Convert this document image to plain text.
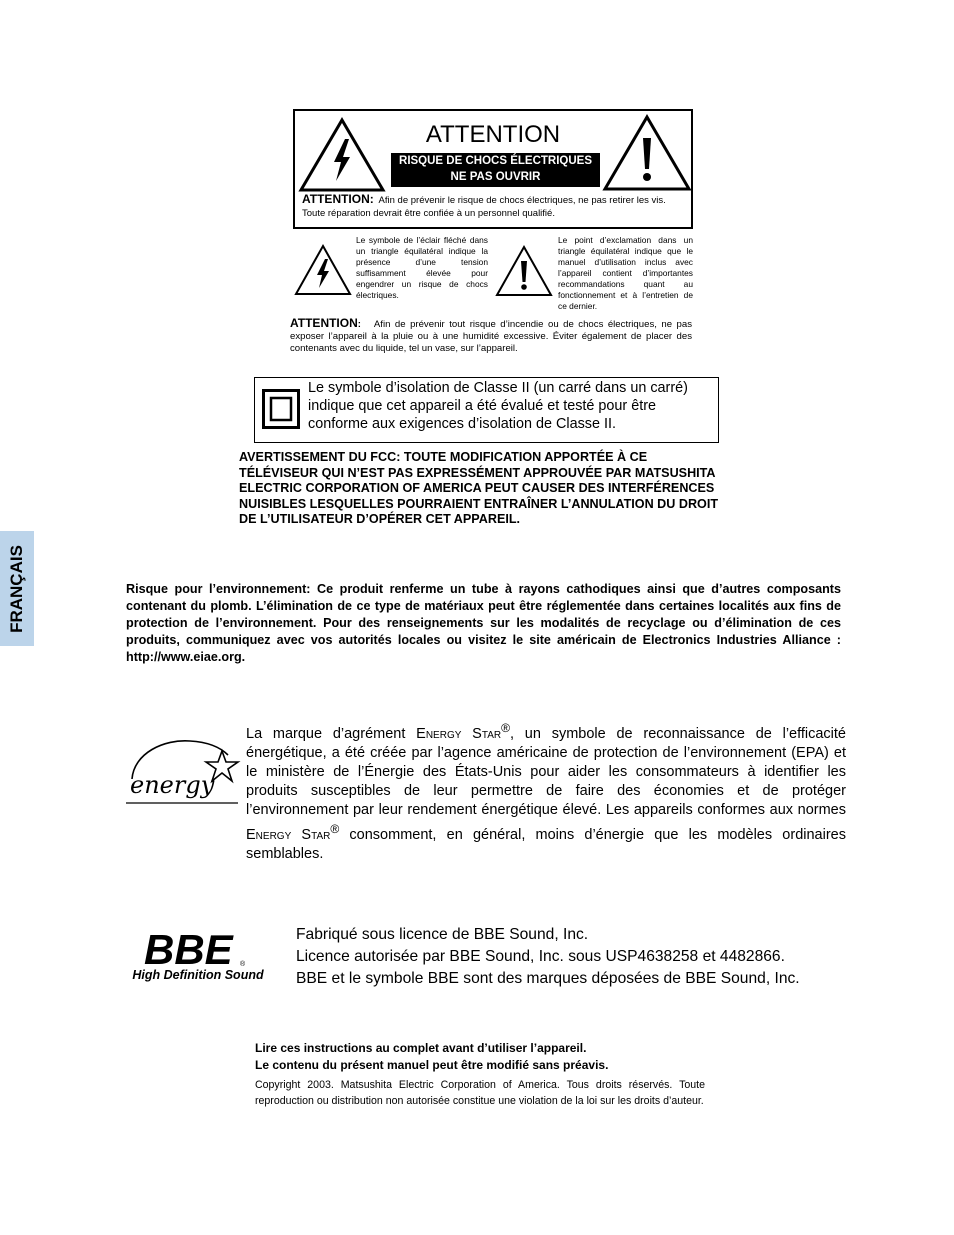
ATTENTION
RISQUE DE CHOCS ÉLECTRIQUES
NE PAS OUVRIR
ATTENTION: Afin de prévenir le risque de chocs électriques, ne pas retirer les vis. Toute réparation devrait être confiée à un personnel qualifié.
Le symbole de l’éclair fléché dans un triangle équilatéral indique la présence d’une tension suffisamment élevée pour engendrer un risque de chocs électriques.
Le point d’exclamation dans un triangle équilatéral indique que le manuel d’utilisation inclus avec l’appareil contient d’importantes recommandations quant au fonctionnement et à l’entretien de ce dernier.
ATTENTION: Afin de prévenir tout risque d’incendie ou de chocs électriques, ne pas exposer l’appareil à la pluie ou à une humidité excessive. Éviter également de placer des contenants avec du liquide, tel un vase, sur l’appareil.
Le symbole d’isolation de Classe II (un carré dans un carré) indique que cet appareil a été évalué et testé pour être conforme aux exigences d’isolation de Classe II.
AVERTISSEMENT DU FCC: TOUTE MODIFICATION APPORTÉE À CE TÉLÉVISEUR QUI N’EST PAS EXPRESSÉMENT APPROUVÉE PAR MATSUSHITA ELECTRIC CORPORATION OF AMERICA PEUT CAUSER DES INTERFÉRENCES NUISIBLES LESQUELLES POURRAIENT ENTRAÎNER L’ANNULATION DU DROIT DE L’UTILISATEUR D’OPÉRER CET APPAREIL.
FRANÇAIS	Risque pour l’environnement: Ce produit renferme un tube à rayons cathodiques ainsi que d’autres composants contenant du plomb. L’élimination de ce type de matériaux peut être réglementée dans certaines localités aux fins de protection de l’environnement. Pour des renseignements sur les modalités de recyclage ou d’élimination de ces produits, communiquez avec vos autorités locales ou visitez le site américain de Electronics Industries Alliance : http://www.eiae.org.
energy
La marque d’agrément Energy Star®, un symbole de reconnaissance de l’efficacité énergétique, a été créée par l’agence américaine de protection de l’environnement (EPA) et le ministère de l’Énergie des États-Unis pour aider les consommateurs à identifier les produits susceptibles de leur permettre de faire des économies et de protéger l’environnement par leur rendement énergétique élevé. Les appareils conformes aux normes Energy Star® consomment, en général, moins d’énergie que les modèles ordinaires semblables.
BBE ®
High Definition Sound
Fabriqué sous licence de BBE Sound, Inc.
Licence autorisée par BBE Sound, Inc. sous USP4638258 et 4482866.
BBE et le symbole BBE sont des marques déposées de BBE Sound, Inc.
Lire ces instructions au complet avant d’utiliser l’appareil.
Le contenu du présent manuel peut être modifié sans préavis.
Copyright 2003. Matsushita Electric Corporation of America. Tous droits réservés. Toute reproduction ou distribution non autorisée constitue une violation de la loi sur les droits d’auteur.
